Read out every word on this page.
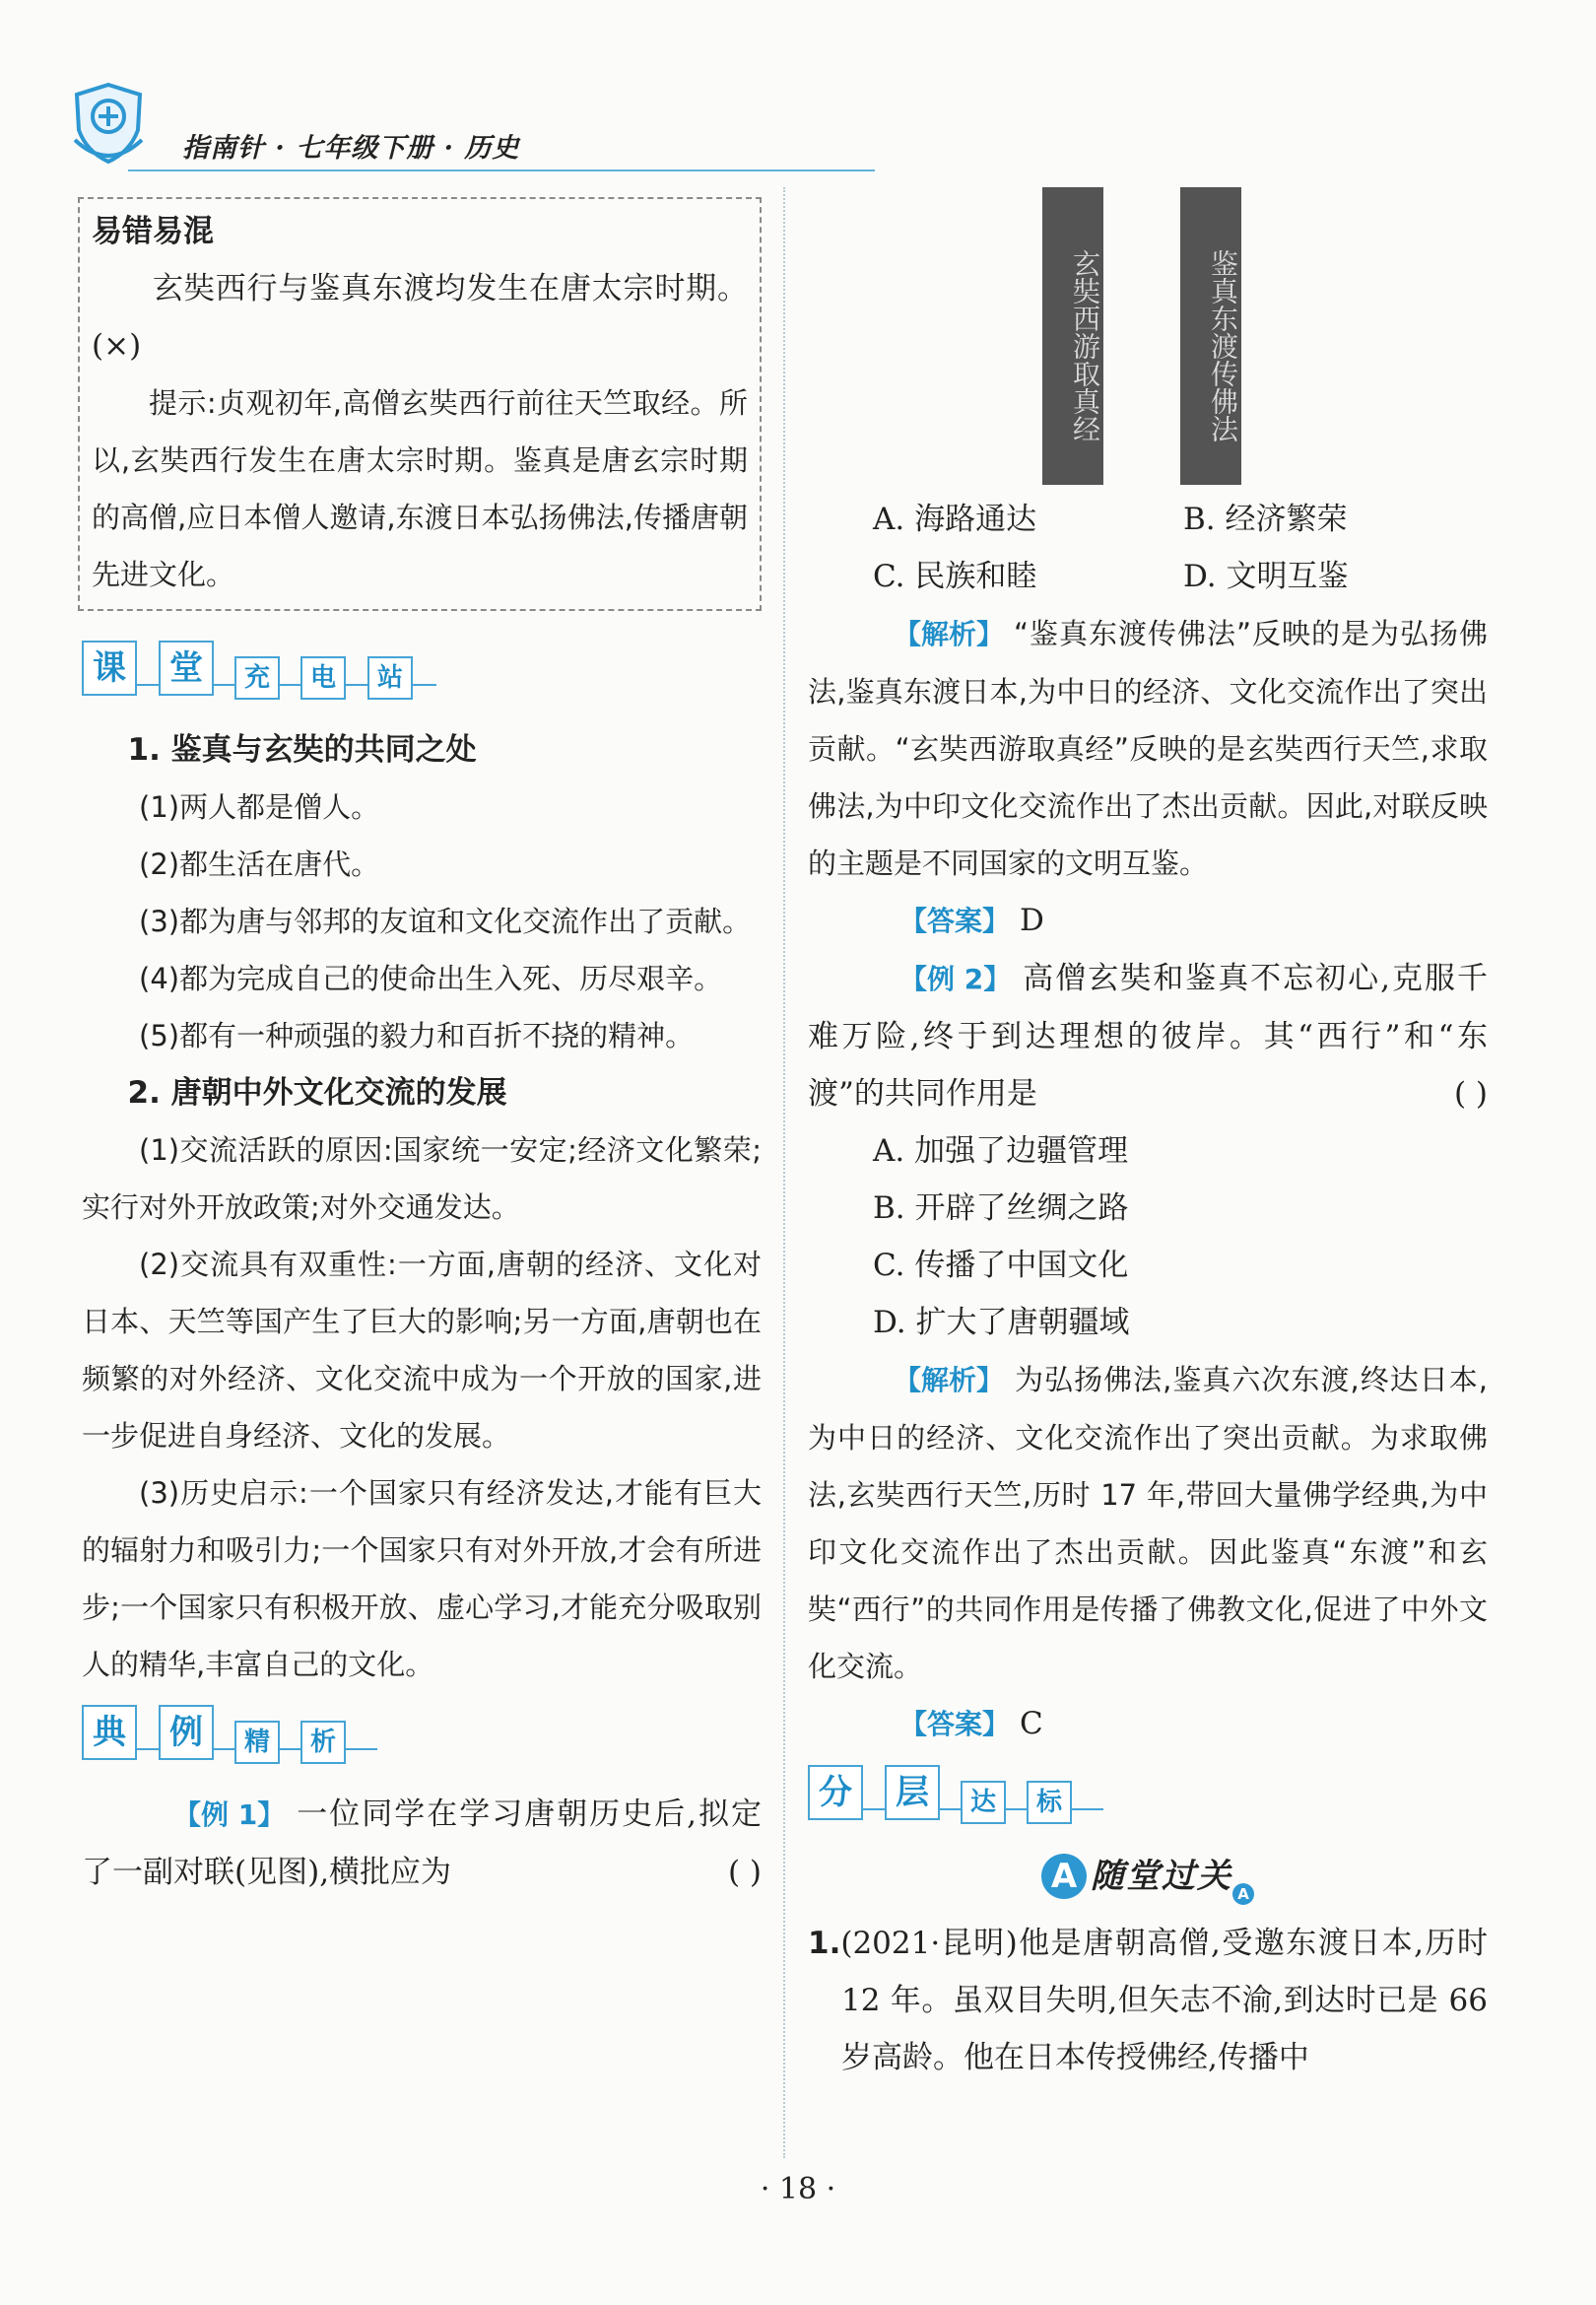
指南针 · 七年级下册 · 历史

易错易混

玄奘西行与鉴真东渡均发生在唐太宗时期。(×)

提示:贞观初年,高僧玄奘西行前往天竺取经。所以,玄奘西行发生在唐太宗时期。鉴真是唐玄宗时期的高僧,应日本僧人邀请,东渡日本弘扬佛法,传播唐朝先进文化。

课	堂	充	电	站

1. 鉴真与玄奘的共同之处

(1)两人都是僧人。

(2)都生活在唐代。

(3)都为唐与邻邦的友谊和文化交流作出了贡献。

(4)都为完成自己的使命出生入死、历尽艰辛。

(5)都有一种顽强的毅力和百折不挠的精神。

2. 唐朝中外文化交流的发展

(1)交流活跃的原因:国家统一安定;经济文化繁荣;实行对外开放政策;对外交通发达。

(2)交流具有双重性:一方面,唐朝的经济、文化对日本、天竺等国产生了巨大的影响;另一方面,唐朝也在频繁的对外经济、文化交流中成为一个开放的国家,进一步促进自身经济、文化的发展。

(3)历史启示:一个国家只有经济发达,才能有巨大的辐射力和吸引力;一个国家只有对外开放,才会有所进步;一个国家只有积极开放、虚心学习,才能充分吸取别人的精华,丰富自己的文化。

典	例	精	析

【例 1】 一位同学在学习唐朝历史后,拟定了一副对联(见图),横批应为	( )

玄奘西游取真经	鉴真东渡传佛法
A. 海路通达	B. 经济繁荣
C. 民族和睦	D. 文明互鉴

【解析】 “鉴真东渡传佛法”反映的是为弘扬佛法,鉴真东渡日本,为中日的经济、文化交流作出了突出贡献。“玄奘西游取真经”反映的是玄奘西行天竺,求取佛法,为中印文化交流作出了杰出贡献。因此,对联反映的主题是不同国家的文明互鉴。

【答案】 D

【例 2】 高僧玄奘和鉴真不忘初心,克服千难万险,终于到达理想的彼岸。其“西行”和“东渡”的共同作用是	( )

A. 加强了边疆管理

B. 开辟了丝绸之路

C. 传播了中国文化

D. 扩大了唐朝疆域

【解析】 为弘扬佛法,鉴真六次东渡,终达日本,为中日的经济、文化交流作出了突出贡献。为求取佛法,玄奘西行天竺,历时 17 年,带回大量佛学经典,为中印文化交流作出了杰出贡献。因此鉴真“东渡”和玄奘“西行”的共同作用是传播了佛教文化,促进了中外文化交流。

【答案】 C

分	层	达	标
A 随堂过关 A

1.(2021·昆明)他是唐朝高僧,受邀东渡日本,历时 12 年。虽双目失明,但矢志不渝,到达时已是 66 岁高龄。他在日本传授佛经,传播中

· 18 ·
